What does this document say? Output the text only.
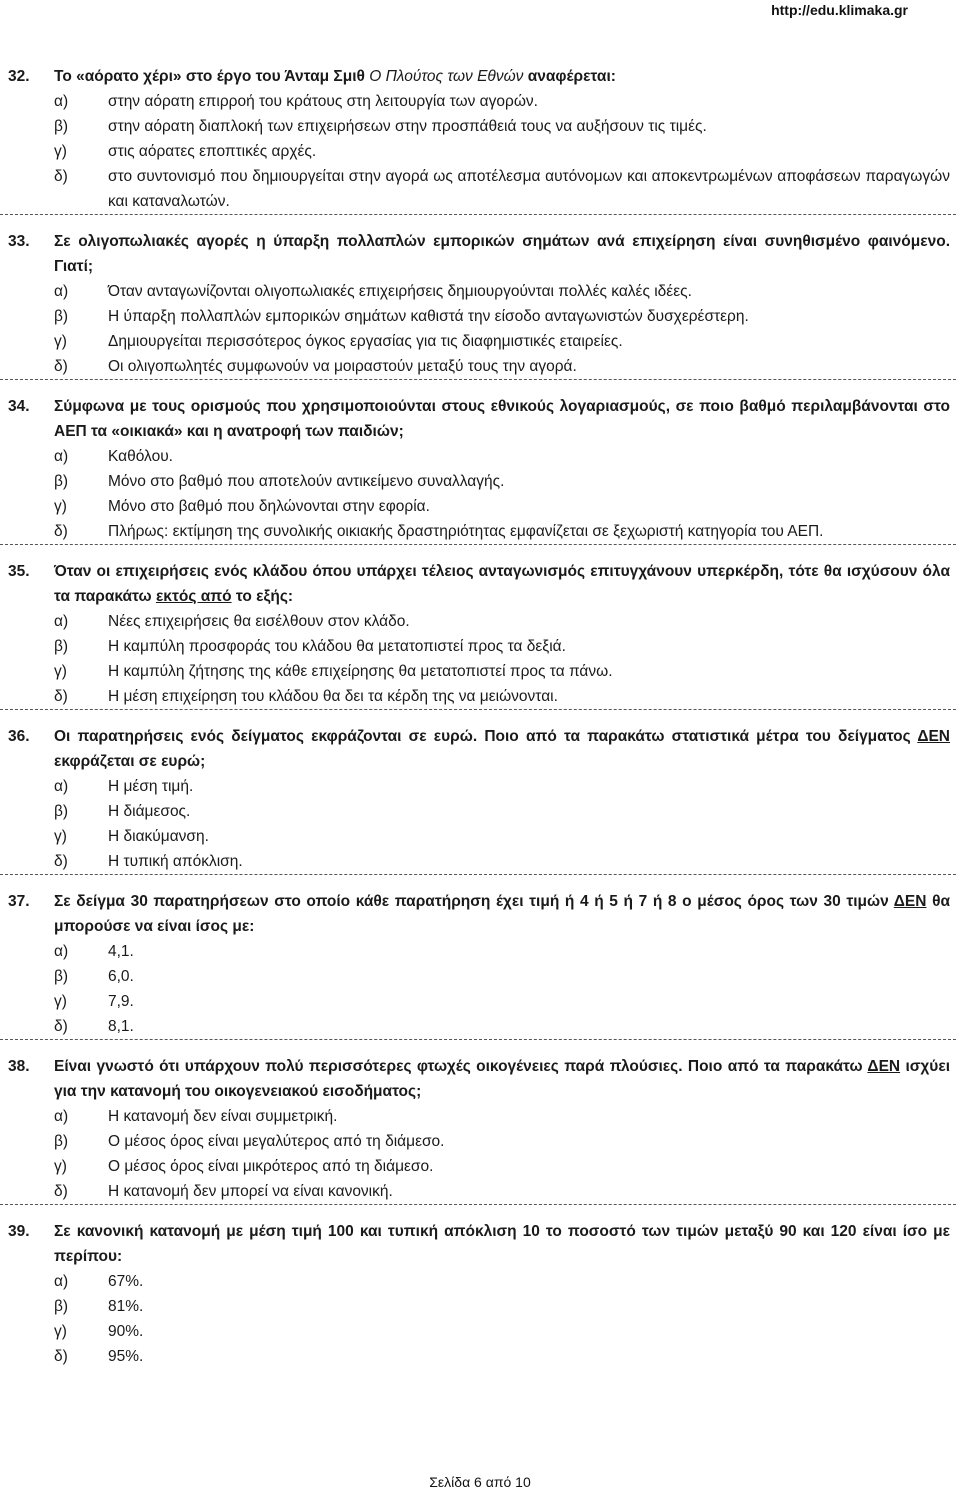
http://edu.klimaka.gr
32. Το «αόρατο χέρι» στο έργο του Άνταμ Σμιθ Ο Πλούτος των Εθνών αναφέρεται:
α)	στην αόρατη επιρροή του κράτους στη λειτουργία των αγορών.
β)	στην αόρατη διαπλοκή των επιχειρήσεων στην προσπάθειά τους να αυξήσουν τις τιμές.
γ)	στις αόρατες εποπτικές αρχές.
δ)	στο συντονισμό που δημιουργείται στην αγορά ως αποτέλεσμα αυτόνομων και αποκεντρωμένων αποφάσεων παραγωγών και καταναλωτών.
33. Σε ολιγοπωλιακές αγορές η ύπαρξη πολλαπλών εμπορικών σημάτων ανά επιχείρηση είναι συνηθισμένο φαινόμενο. Γιατί;
α)	Όταν ανταγωνίζονται ολιγοπωλιακές επιχειρήσεις δημιουργούνται πολλές καλές ιδέες.
β)	Η ύπαρξη πολλαπλών εμπορικών σημάτων καθιστά την είσοδο ανταγωνιστών δυσχερέστερη.
γ)	Δημιουργείται περισσότερος όγκος εργασίας για τις διαφημιστικές εταιρείες.
δ)	Οι ολιγοπωλητές συμφωνούν να μοιραστούν μεταξύ τους την αγορά.
34. Σύμφωνα με τους ορισμούς που χρησιμοποιούνται στους εθνικούς λογαριασμούς, σε ποιο βαθμό περιλαμβάνονται στο ΑΕΠ τα «οικιακά» και η ανατροφή των παιδιών;
α)	Καθόλου.
β)	Μόνο στο βαθμό που αποτελούν αντικείμενο συναλλαγής.
γ)	Μόνο στο βαθμό που δηλώνονται στην εφορία.
δ)	Πλήρως: εκτίμηση της συνολικής οικιακής δραστηριότητας εμφανίζεται σε ξεχωριστή κατηγορία του ΑΕΠ.
35. Όταν οι επιχειρήσεις ενός κλάδου όπου υπάρχει τέλειος ανταγωνισμός επιτυγχάνουν υπερκέρδη, τότε θα ισχύσουν όλα τα παρακάτω εκτός από το εξής:
α)	Νέες επιχειρήσεις θα εισέλθουν στον κλάδο.
β)	Η καμπύλη προσφοράς του κλάδου θα μετατοπιστεί προς τα δεξιά.
γ)	Η καμπύλη ζήτησης της κάθε επιχείρησης θα μετατοπιστεί προς τα πάνω.
δ)	Η μέση επιχείρηση του κλάδου θα δει τα κέρδη της να μειώνονται.
36. Οι παρατηρήσεις ενός δείγματος εκφράζονται σε ευρώ. Ποιο από τα παρακάτω στατιστικά μέτρα του δείγματος ΔΕΝ εκφράζεται σε ευρώ;
α)	Η μέση τιμή.
β)	Η διάμεσος.
γ)	Η διακύμανση.
δ)	Η τυπική απόκλιση.
37. Σε δείγμα 30 παρατηρήσεων στο οποίο κάθε παρατήρηση έχει τιμή ή 4 ή 5 ή 7 ή 8 ο μέσος όρος των 30 τιμών ΔΕΝ θα μπορούσε να είναι ίσος με:
α)	4,1.
β)	6,0.
γ)	7,9.
δ)	8,1.
38. Είναι γνωστό ότι υπάρχουν πολύ περισσότερες φτωχές οικογένειες παρά πλούσιες. Ποιο από τα παρακάτω ΔΕΝ ισχύει για την κατανομή του οικογενειακού εισοδήματος;
α)	Η κατανομή δεν είναι συμμετρική.
β)	Ο μέσος όρος είναι μεγαλύτερος από τη διάμεσο.
γ)	Ο μέσος όρος είναι μικρότερος από τη διάμεσο.
δ)	Η κατανομή δεν μπορεί να είναι κανονική.
39. Σε κανονική κατανομή με μέση τιμή 100 και τυπική απόκλιση 10 το ποσοστό των τιμών μεταξύ 90 και 120 είναι ίσο με περίπου:
α)	67%.
β)	81%.
γ)	90%.
δ)	95%.
Σελίδα 6 από 10
